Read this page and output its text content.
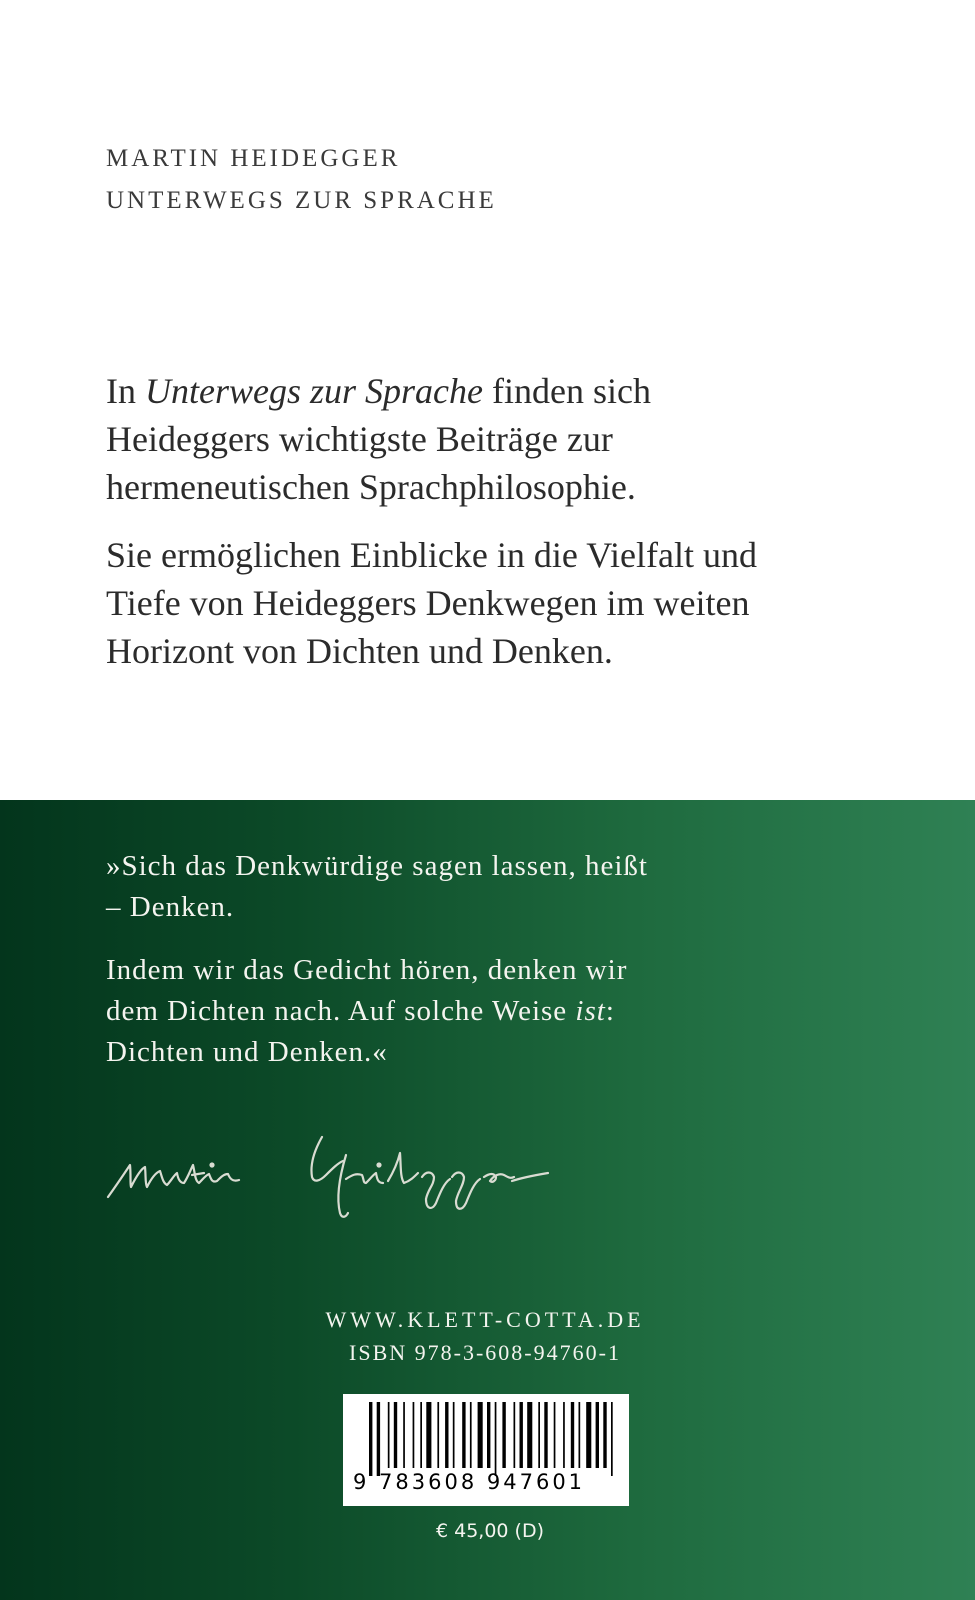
MARTIN HEIDEGGER
UNTERWEGS ZUR SPRACHE

In Unterwegs zur Sprache finden sich Heideggers wichtigste Beiträge zur hermeneutischen Sprachphilosophie.

Sie ermöglichen Einblicke in die Vielfalt und Tiefe von Heideggers Denkwegen im weiten Horizont von Dichten und Denken.

»Sich das Denkwürdige sagen lassen, heißt – Denken.

Indem wir das Gedicht hören, denken wir dem Dichten nach. Auf solche Weise ist: Dichten und Denken.«

WWW.KLETT-COTTA.DE
ISBN 978-3-608-94760-1
9 783608 947601
€ 45,00 (D)
